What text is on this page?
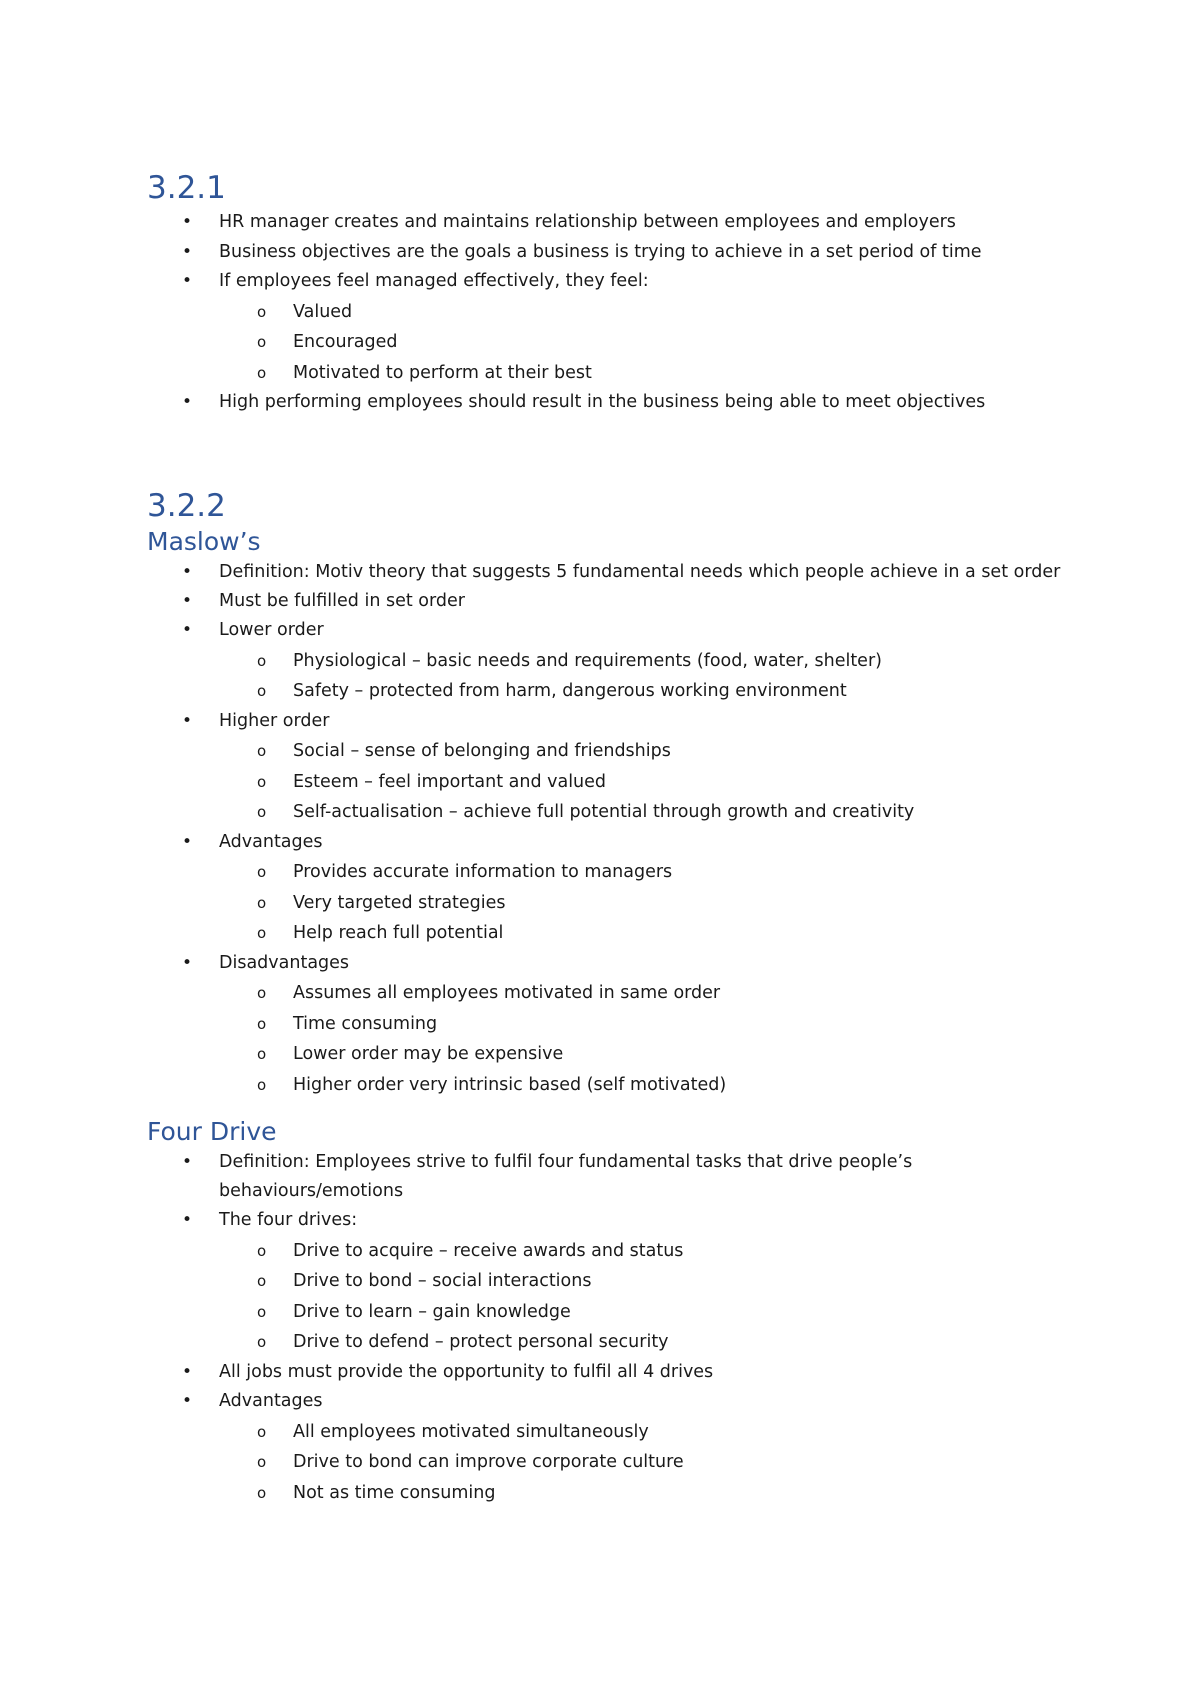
3.2.1
• HR manager creates and maintains relationship between employees and employers
• Business objectives are the goals a business is trying to achieve in a set period of time
• If employees feel managed effectively, they feel:
o Valued
o Encouraged
o Motivated to perform at their best
• High performing employees should result in the business being able to meet objectives
3.2.2
Maslow’s
• Definition: Motiv theory that suggests 5 fundamental needs which people achieve in a set order
• Must be fulfilled in set order
• Lower order
o Physiological – basic needs and requirements (food, water, shelter)
o Safety – protected from harm, dangerous working environment
• Higher order
o Social – sense of belonging and friendships
o Esteem – feel important and valued
o Self-actualisation – achieve full potential through growth and creativity
• Advantages
o Provides accurate information to managers
o Very targeted strategies
o Help reach full potential
• Disadvantages
o Assumes all employees motivated in same order
o Time consuming
o Lower order may be expensive
o Higher order very intrinsic based (self motivated)
Four Drive
• Definition: Employees strive to fulfil four fundamental tasks that drive people’s behaviours/emotions
• The four drives:
o Drive to acquire – receive awards and status
o Drive to bond – social interactions
o Drive to learn – gain knowledge
o Drive to defend – protect personal security
• All jobs must provide the opportunity to fulfil all 4 drives
• Advantages
o All employees motivated simultaneously
o Drive to bond can improve corporate culture
o Not as time consuming
